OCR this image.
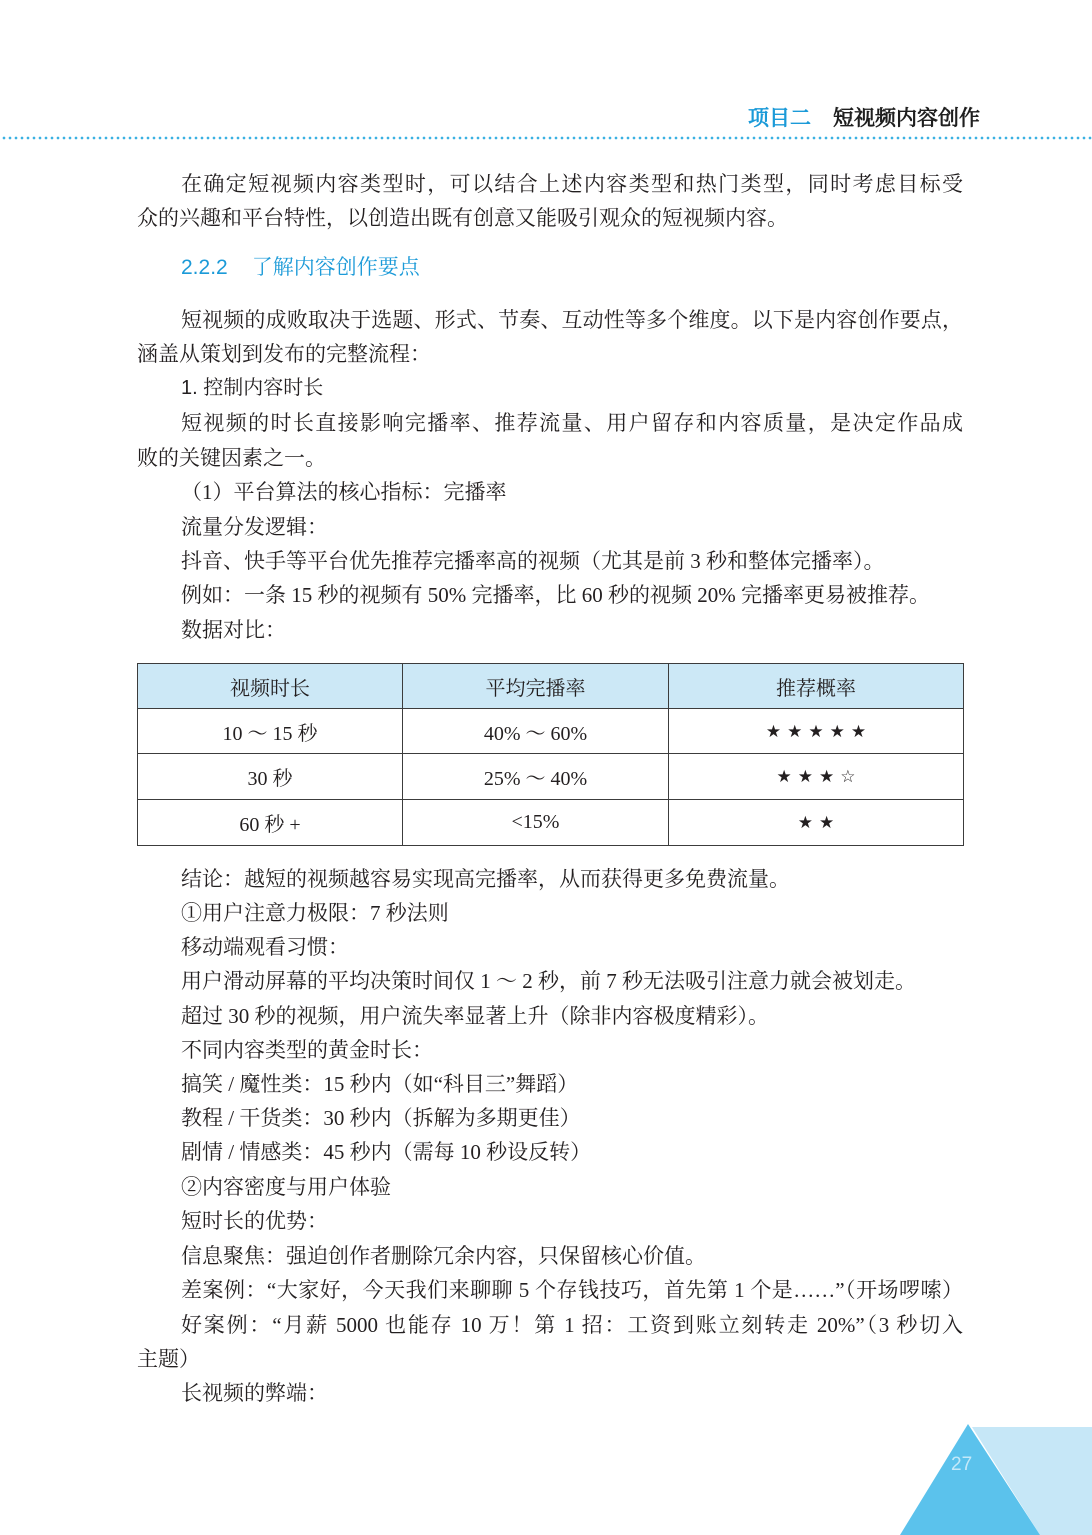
项目二 短视频内容创作
在确定短视频内容类型时，可以结合上述内容类型和热门类型，同时考虑目标受
众的兴趣和平台特性，以创造出既有创意又能吸引观众的短视频内容。
2.2.2 了解内容创作要点
短视频的成败取决于选题、形式、节奏、互动性等多个维度。以下是内容创作要点，
涵盖从策划到发布的完整流程：
1. 控制内容时长
短视频的时长直接影响完播率、推荐流量、用户留存和内容质量，是决定作品成
败的关键因素之一。
（1）平台算法的核心指标：完播率
流量分发逻辑：
抖音、快手等平台优先推荐完播率高的视频（尤其是前 3 秒和整体完播率）。
例如：一条 15 秒的视频有 50% 完播率，比 60 秒的视频 20% 完播率更易被推荐。
数据对比：
视频时长	平均完播率	推荐概率
10 ～ 15 秒	40% ～ 60%	★★★★★
30 秒	25% ～ 40%	★★★☆
60 秒 +	<15%	★★
结论：越短的视频越容易实现高完播率，从而获得更多免费流量。
①用户注意力极限：7 秒法则
移动端观看习惯：
用户滑动屏幕的平均决策时间仅 1 ～ 2 秒，前 7 秒无法吸引注意力就会被划走。
超过 30 秒的视频，用户流失率显著上升（除非内容极度精彩）。
不同内容类型的黄金时长：
搞笑 / 魔性类：15 秒内（如“科目三”舞蹈）
教程 / 干货类：30 秒内（拆解为多期更佳）
剧情 / 情感类：45 秒内（需每 10 秒设反转）
②内容密度与用户体验
短时长的优势：
信息聚焦：强迫创作者删除冗余内容，只保留核心价值。
差案例：“大家好，今天我们来聊聊 5 个存钱技巧，首先第 1 个是……”（开场啰嗦）
好案例：“月薪 5000 也能存 10 万！第 1 招：工资到账立刻转走 20%”（3 秒切入
主题）
长视频的弊端：
27
